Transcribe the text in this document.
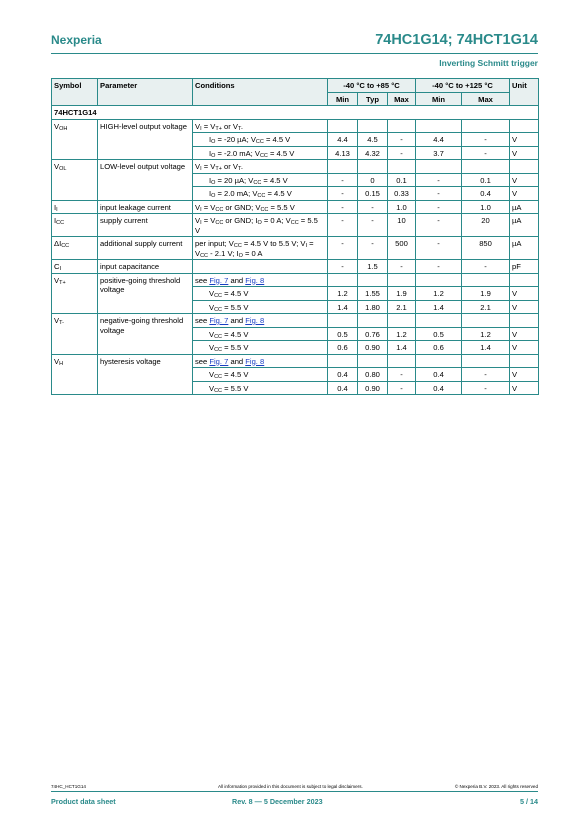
Nexperia	74HC1G14; 74HCT1G14
Inverting Schmitt trigger
Symbol	Parameter	Conditions	-40 °C to +85 °C			-40 °C to +125 °C		Unit
			Min	Typ	Max	Min	Max	
74HCT1G14								
$V_{OH}$	HIGH-level output voltage	$V_I = V_{T+}$ or $V_{T-}$						
		$I_O = -20$ µA; $V_{CC} = 4.5$ V	4.4	4.5	-	4.4	-	V
		$I_O = -2.0$ mA; $V_{CC} = 4.5$ V	4.13	4.32	-	3.7	-	V
$V_{OL}$	LOW-level output voltage	$V_I = V_{T+}$ or $V_{T-}$						
		$I_O = 20$ µA; $V_{CC} = 4.5$ V	-	0	0.1	-	0.1	V
		$I_O = 2.0$ mA; $V_{CC} = 4.5$ V	-	0.15	0.33	-	0.4	V
$I_I$	input leakage current	$V_I = V_{CC}$ or GND; $V_{CC} = 5.5$ V	-	-	1.0	-	1.0	µA
$I_{CC}$	supply current	$V_I = V_{CC}$ or GND; $I_O = 0$ A; $V_{CC} = 5.5$ V	-	-	10	-	20	µA
$\Delta I_{CC}$	additional supply current	per input; $V_{CC} = 4.5$ V to 5.5 V; $V_I = V_{CC} - 2.1$ V; $I_O = 0$ A	-	-	500	-	850	µA
$C_I$	input capacitance		-	1.5	-	-	-	pF
$V_{T+}$	positive-going threshold voltage	see Fig. 7 and Fig. 8						
		$V_{CC} = 4.5$ V	1.2	1.55	1.9	1.2	1.9	V
		$V_{CC} = 5.5$ V	1.4	1.80	2.1	1.4	2.1	V
$V_{T-}$	negative-going threshold voltage	see Fig. 7 and Fig. 8						
		$V_{CC} = 4.5$ V	0.5	0.76	1.2	0.5	1.2	V
		$V_{CC} = 5.5$ V	0.6	0.90	1.4	0.6	1.4	V
$V_H$	hysteresis voltage	see Fig. 7 and Fig. 8						
		$V_{CC} = 4.5$ V	0.4	0.80	-	0.4	-	V
		$V_{CC} = 5.5$ V	0.4	0.90	-	0.4	-	V
74HC_HCT1G14	All information provided in this document is subject to legal disclaimers.	© Nexperia B.V. 2023. All rights reserved
Product data sheet	Rev. 8 — 5 December 2023	5 / 14
